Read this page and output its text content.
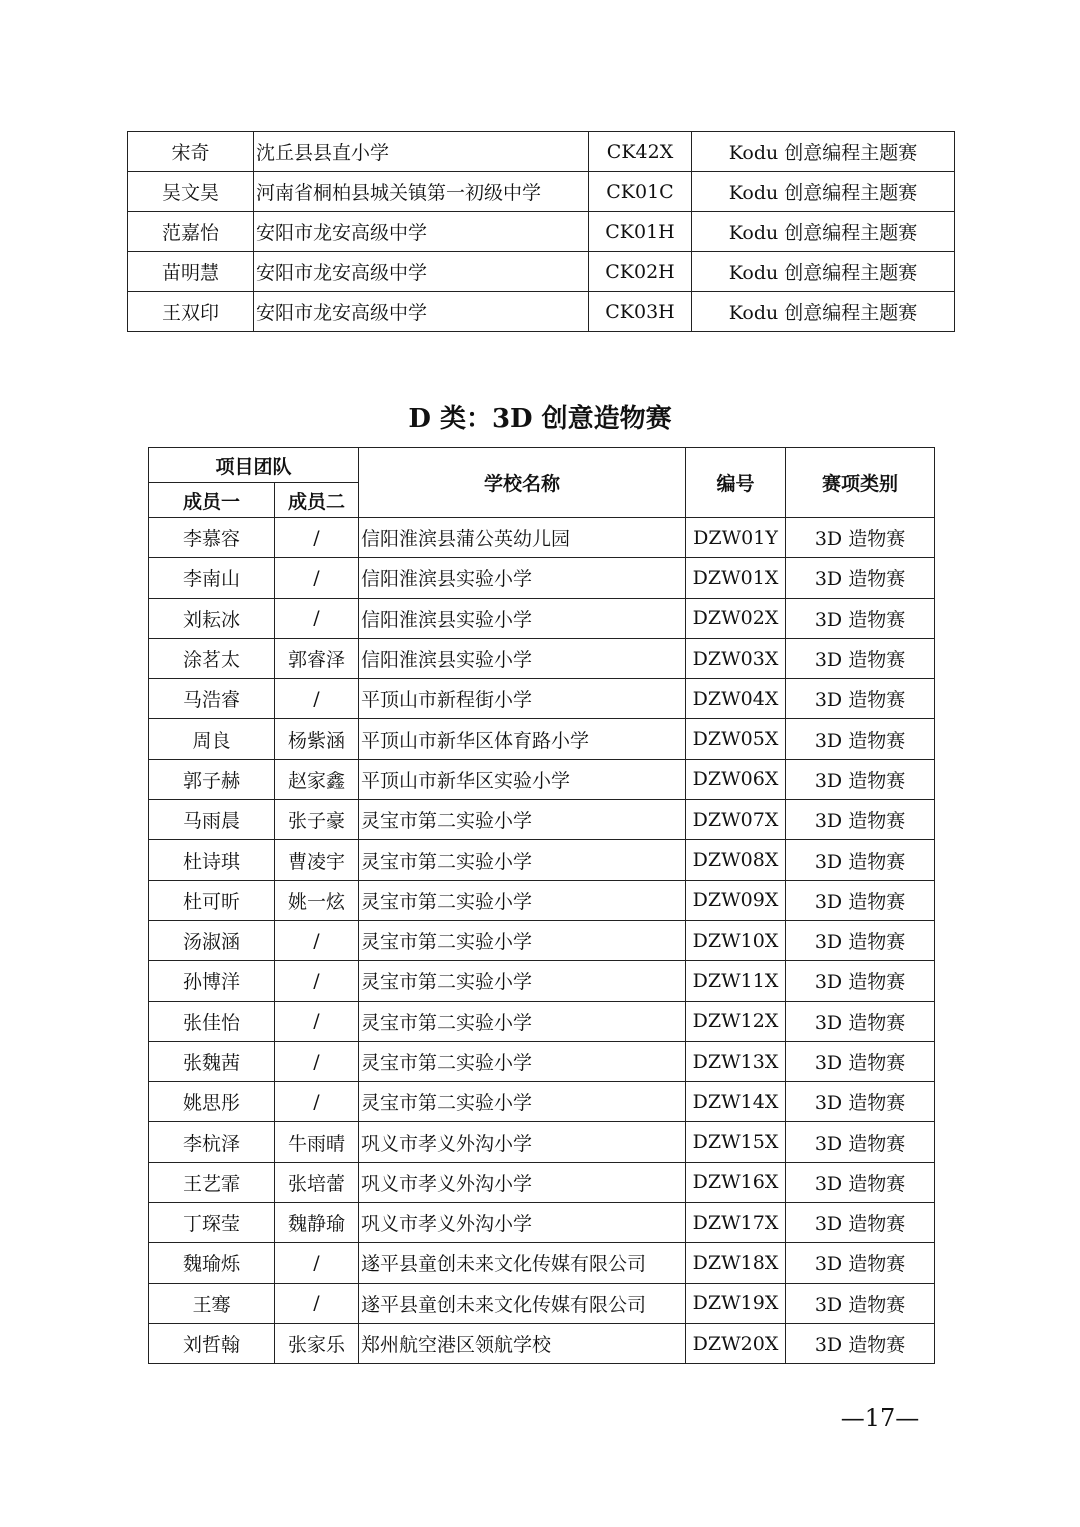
宋奇	沈丘县县直小学	CK42X	Kodu 创意编程主题赛
吴文昊	河南省桐柏县城关镇第一初级中学	CK01C	Kodu 创意编程主题赛
范嘉怡	安阳市龙安高级中学	CK01H	Kodu 创意编程主题赛
苗明慧	安阳市龙安高级中学	CK02H	Kodu 创意编程主题赛
王双印	安阳市龙安高级中学	CK03H	Kodu 创意编程主题赛
D 类：3D 创意造物赛
项目团队		学校名称	编号	赛项类别
成员一	成员二			
李慕容	/	信阳淮滨县蒲公英幼儿园	DZW01Y	3D 造物赛
李南山	/	信阳淮滨县实验小学	DZW01X	3D 造物赛
刘耘冰	/	信阳淮滨县实验小学	DZW02X	3D 造物赛
涂茗太	郭睿泽	信阳淮滨县实验小学	DZW03X	3D 造物赛
马浩睿	/	平顶山市新程街小学	DZW04X	3D 造物赛
周良	杨紫涵	平顶山市新华区体育路小学	DZW05X	3D 造物赛
郭子赫	赵家鑫	平顶山市新华区实验小学	DZW06X	3D 造物赛
马雨晨	张子豪	灵宝市第二实验小学	DZW07X	3D 造物赛
杜诗琪	曹凌宇	灵宝市第二实验小学	DZW08X	3D 造物赛
杜可昕	姚一炫	灵宝市第二实验小学	DZW09X	3D 造物赛
汤淑涵	/	灵宝市第二实验小学	DZW10X	3D 造物赛
孙博洋	/	灵宝市第二实验小学	DZW11X	3D 造物赛
张佳怡	/	灵宝市第二实验小学	DZW12X	3D 造物赛
张魏茜	/	灵宝市第二实验小学	DZW13X	3D 造物赛
姚思彤	/	灵宝市第二实验小学	DZW14X	3D 造物赛
李杭泽	牛雨晴	巩义市孝义外沟小学	DZW15X	3D 造物赛
王艺霏	张培蕾	巩义市孝义外沟小学	DZW16X	3D 造物赛
丁琛莹	魏静瑜	巩义市孝义外沟小学	DZW17X	3D 造物赛
魏瑜烁	/	遂平县童创未来文化传媒有限公司	DZW18X	3D 造物赛
王骞	/	遂平县童创未来文化传媒有限公司	DZW19X	3D 造物赛
刘哲翰	张家乐	郑州航空港区领航学校	DZW20X	3D 造物赛
—17—
